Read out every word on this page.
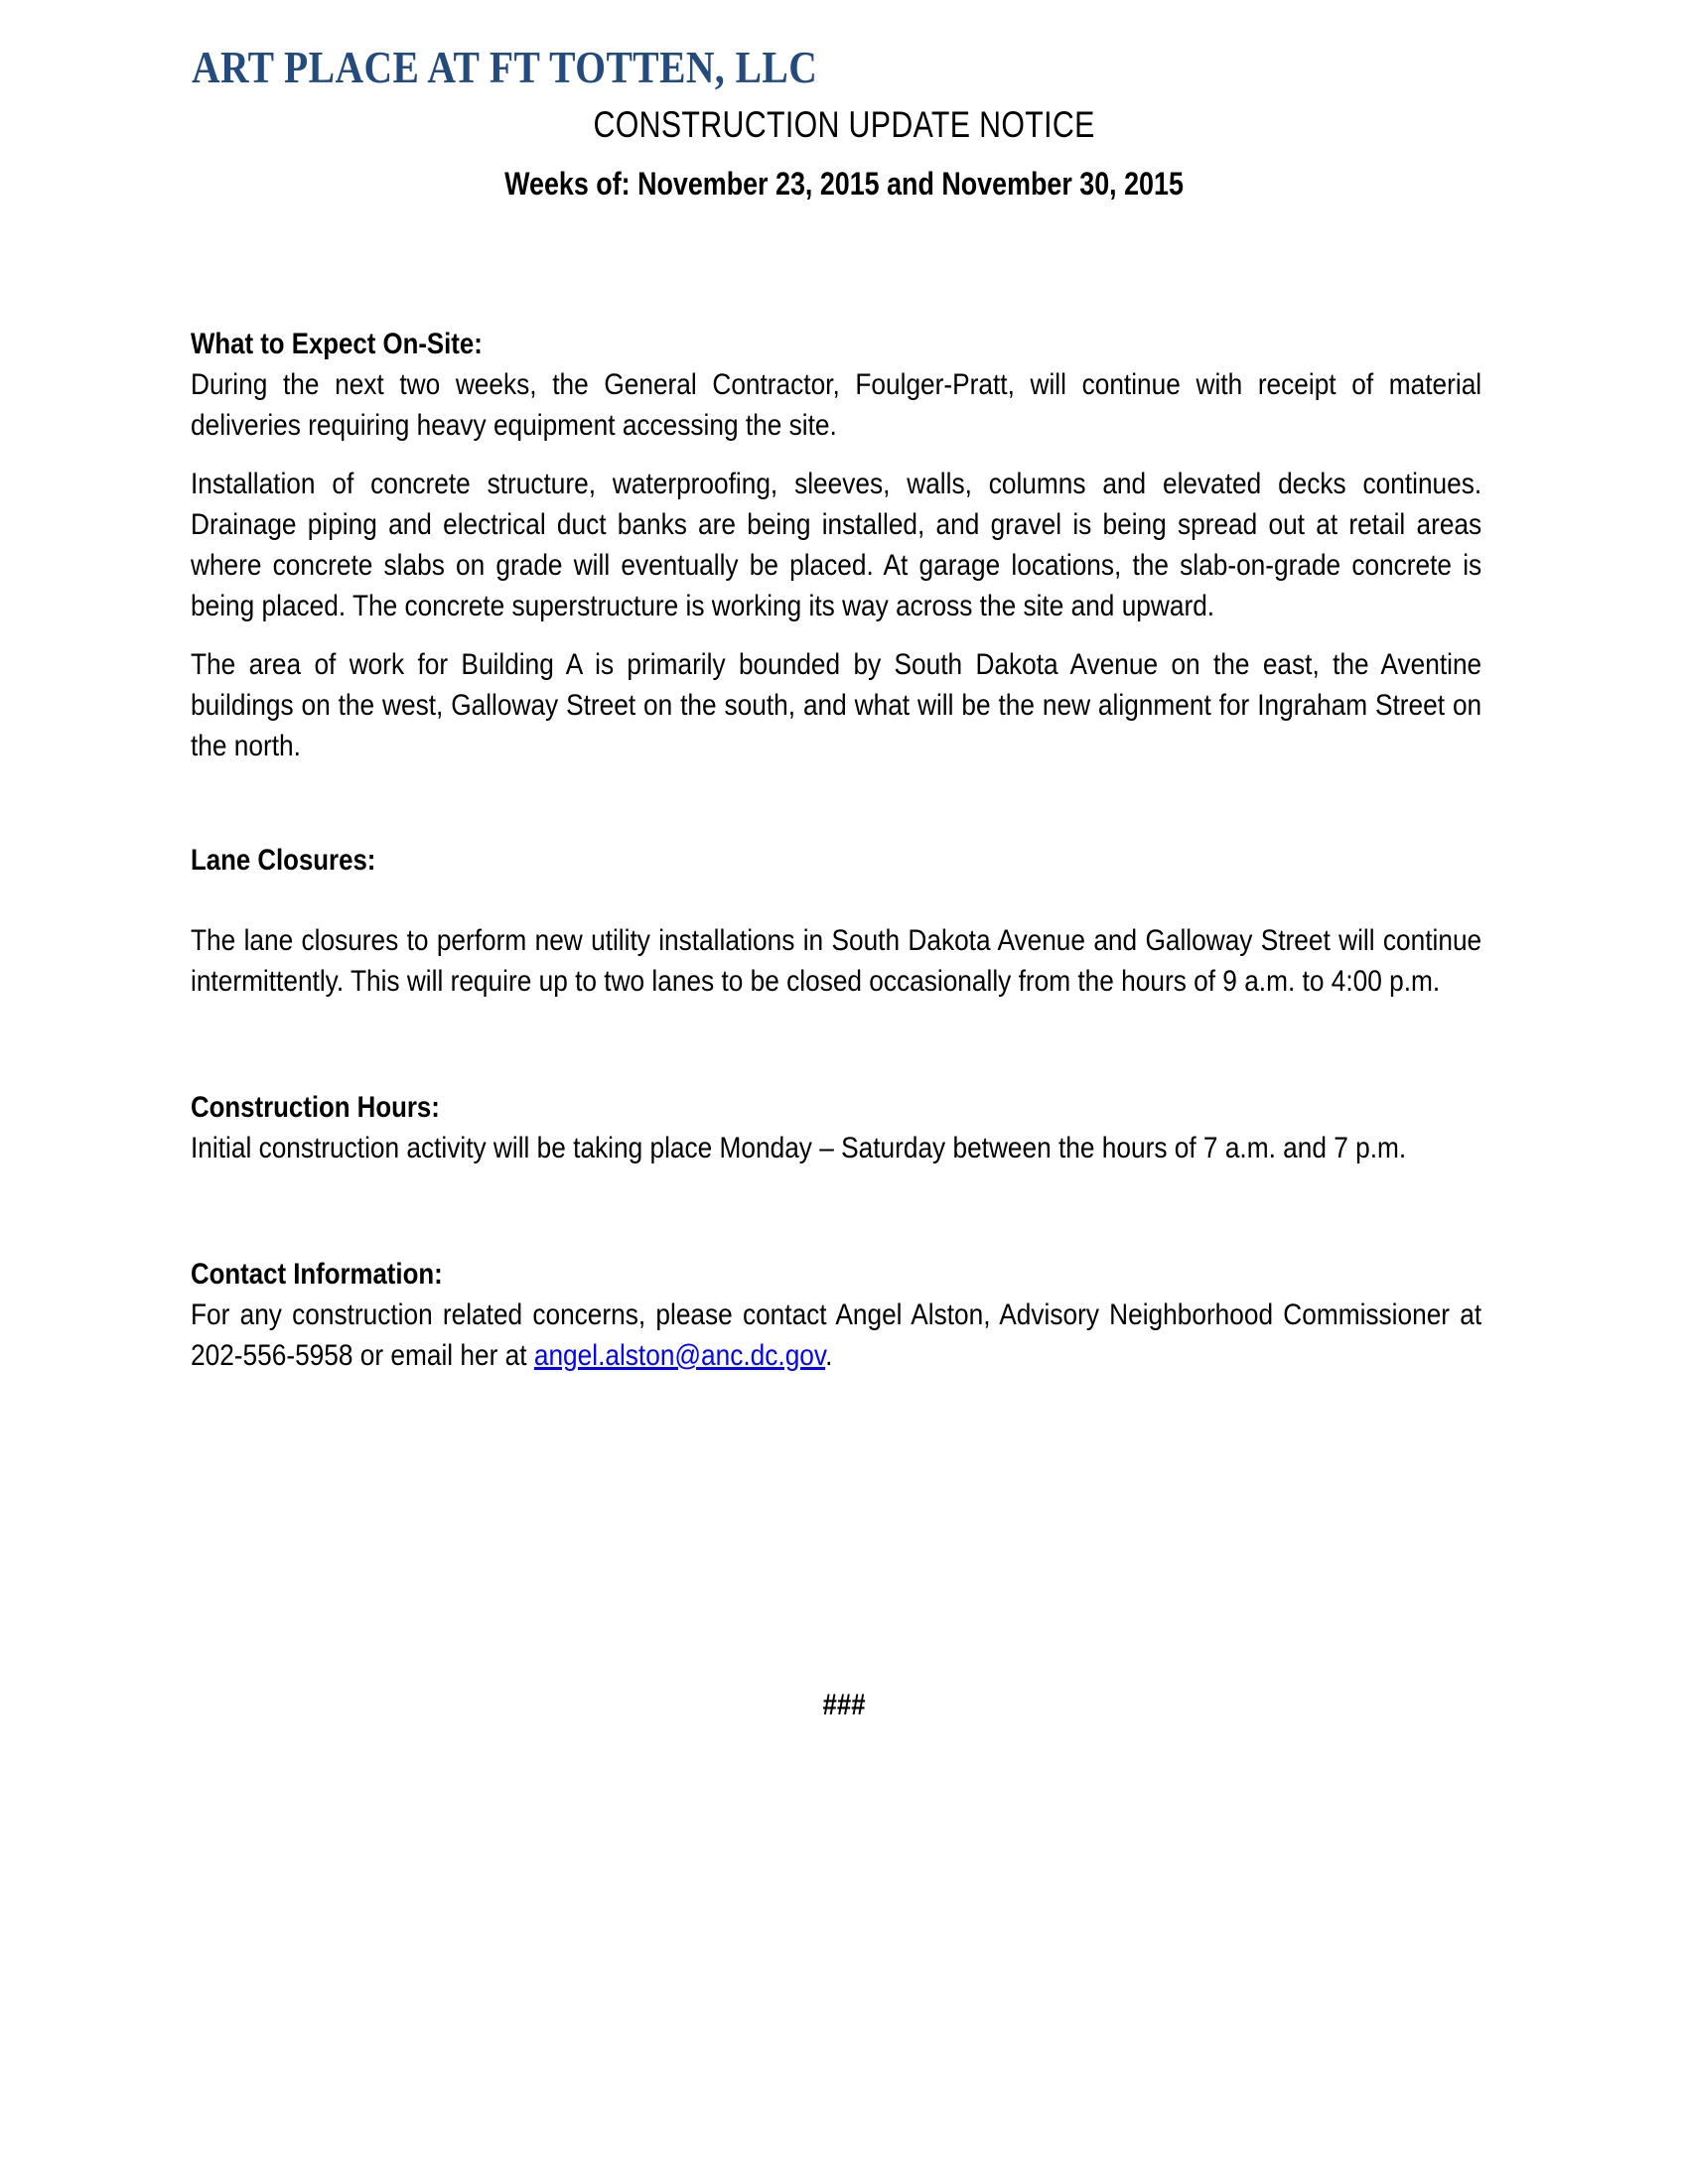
ART PLACE AT FT TOTTEN, LLC
CONSTRUCTION UPDATE NOTICE
Weeks of: November 23, 2015 and November 30, 2015
What to Expect On-Site:
During the next two weeks, the General Contractor, Foulger-Pratt, will continue with receipt of material deliveries requiring heavy equipment accessing the site.
Installation of concrete structure, waterproofing, sleeves, walls, columns and elevated decks continues. Drainage piping and electrical duct banks are being installed, and gravel is being spread out at retail areas where concrete slabs on grade will eventually be placed. At garage locations, the slab-on-grade concrete is being placed. The concrete superstructure is working its way across the site and upward.
The area of work for Building A is primarily bounded by South Dakota Avenue on the east, the Aventine buildings on the west, Galloway Street on the south, and what will be the new alignment for Ingraham Street on the north.
Lane Closures:
The lane closures to perform new utility installations in South Dakota Avenue and Galloway Street will continue intermittently. This will require up to two lanes to be closed occasionally from the hours of 9 a.m. to 4:00 p.m.
Construction Hours:
Initial construction activity will be taking place Monday – Saturday between the hours of 7 a.m. and 7 p.m.
Contact Information:
For any construction related concerns, please contact Angel Alston, Advisory Neighborhood Commissioner at 202-556-5958 or email her at angel.alston@anc.dc.gov.
###
